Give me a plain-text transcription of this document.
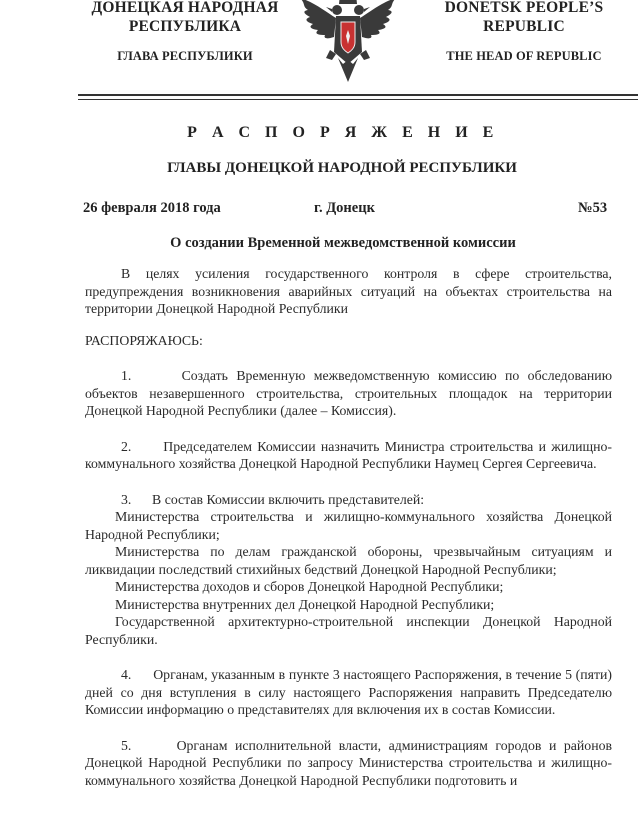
ДОНЕЦКАЯ НАРОДНАЯ
РЕСПУБЛИКА
ГЛАВА РЕСПУБЛИКИ
DONETSK PEOPLE’S
REPUBLIC
THE HEAD OF REPUBLIC
Р А С П О Р Я Ж Е Н И Е
ГЛАВЫ ДОНЕЦКОЙ НАРОДНОЙ РЕСПУБЛИКИ
26 февраля 2018 года	г. Донецк	№53
О создании Временной межведомственной комиссии

В целях усиления государственного контроля в сфере строительства, предупреждения возникновения аварийных ситуаций на объектах строительства на территории Донецкой Народной Республики

РАСПОРЯЖАЮСЬ:

1.      Создать Временную межведомственную комиссию по обследованию объектов незавершенного строительства, строительных площадок на территории Донецкой Народной Республики (далее – Комиссия).

2.      Председателем Комиссии назначить Министра строительства и жилищно-коммунального хозяйства Донецкой Народной Республики Наумец Сергея Сергеевича.

3.      В состав Комиссии включить представителей:

Министерства строительства и жилищно-коммунального хозяйства Донецкой Народной Республики;

Министерства по делам гражданской обороны, чрезвычайным ситуациям и ликвидации последствий стихийных бедствий Донецкой Народной Республики;

Министерства доходов и сборов Донецкой Народной Республики;

Министерства внутренних дел Донецкой Народной Республики;

Государственной архитектурно-строительной инспекции Донецкой Народной Республики.

4.      Органам, указанным в пункте 3 настоящего Распоряжения, в течение 5 (пяти) дней со дня вступления в силу настоящего Распоряжения направить Председателю Комиссии информацию о представителях для включения их в состав Комиссии.

5.      Органам исполнительной власти, администрациям городов и районов Донецкой Народной Республики по запросу Министерства строительства и жилищно-коммунального хозяйства Донецкой Народной Республики подготовить и
